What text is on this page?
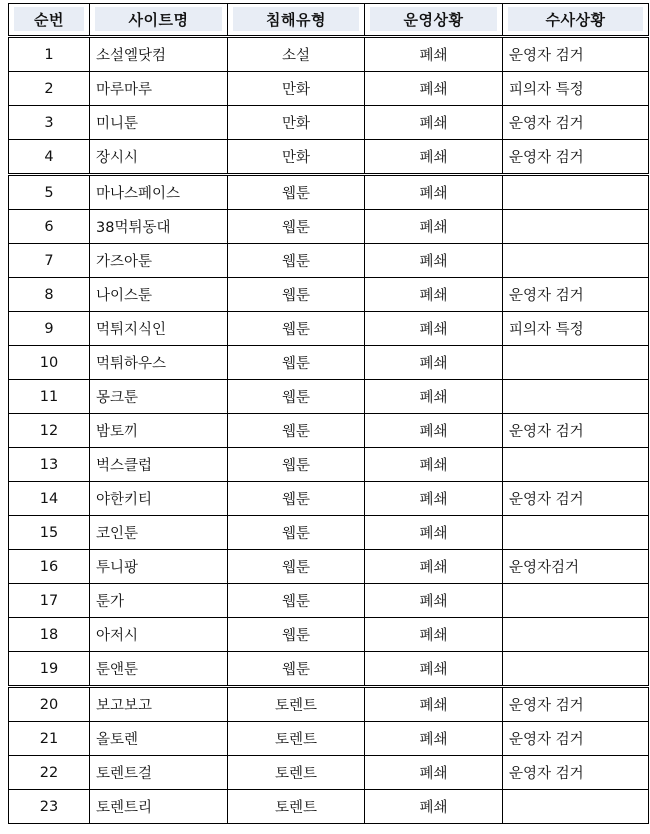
순번	사이트명	침해유형	운영상황	수사상황

1	소설엘닷컴	소설	폐쇄	운영자 검거
2	마루마루	만화	폐쇄	피의자 특정
3	미니툰	만화	폐쇄	운영자 검거
4	장시시	만화	폐쇄	운영자 검거
5	마나스페이스	웹툰	폐쇄	
6	38먹튀동대	웹툰	폐쇄	
7	가즈아툰	웹툰	폐쇄	
8	나이스툰	웹툰	폐쇄	운영자 검거
9	먹튀지식인	웹툰	폐쇄	피의자 특정
10	먹튀하우스	웹툰	폐쇄	
11	몽크툰	웹툰	폐쇄	
12	밤토끼	웹툰	폐쇄	운영자 검거
13	벅스클럽	웹툰	폐쇄	
14	야한키티	웹툰	폐쇄	운영자 검거
15	코인툰	웹툰	폐쇄	
16	투니팡	웹툰	폐쇄	운영자검거
17	툰가	웹툰	폐쇄	
18	아저시	웹툰	폐쇄	
19	툰앤툰	웹툰	폐쇄	
20	보고보고	토렌트	폐쇄	운영자 검거
21	올토렌	토렌트	폐쇄	운영자 검거
22	토렌트걸	토렌트	폐쇄	운영자 검거
23	토렌트리	토렌트	폐쇄	
